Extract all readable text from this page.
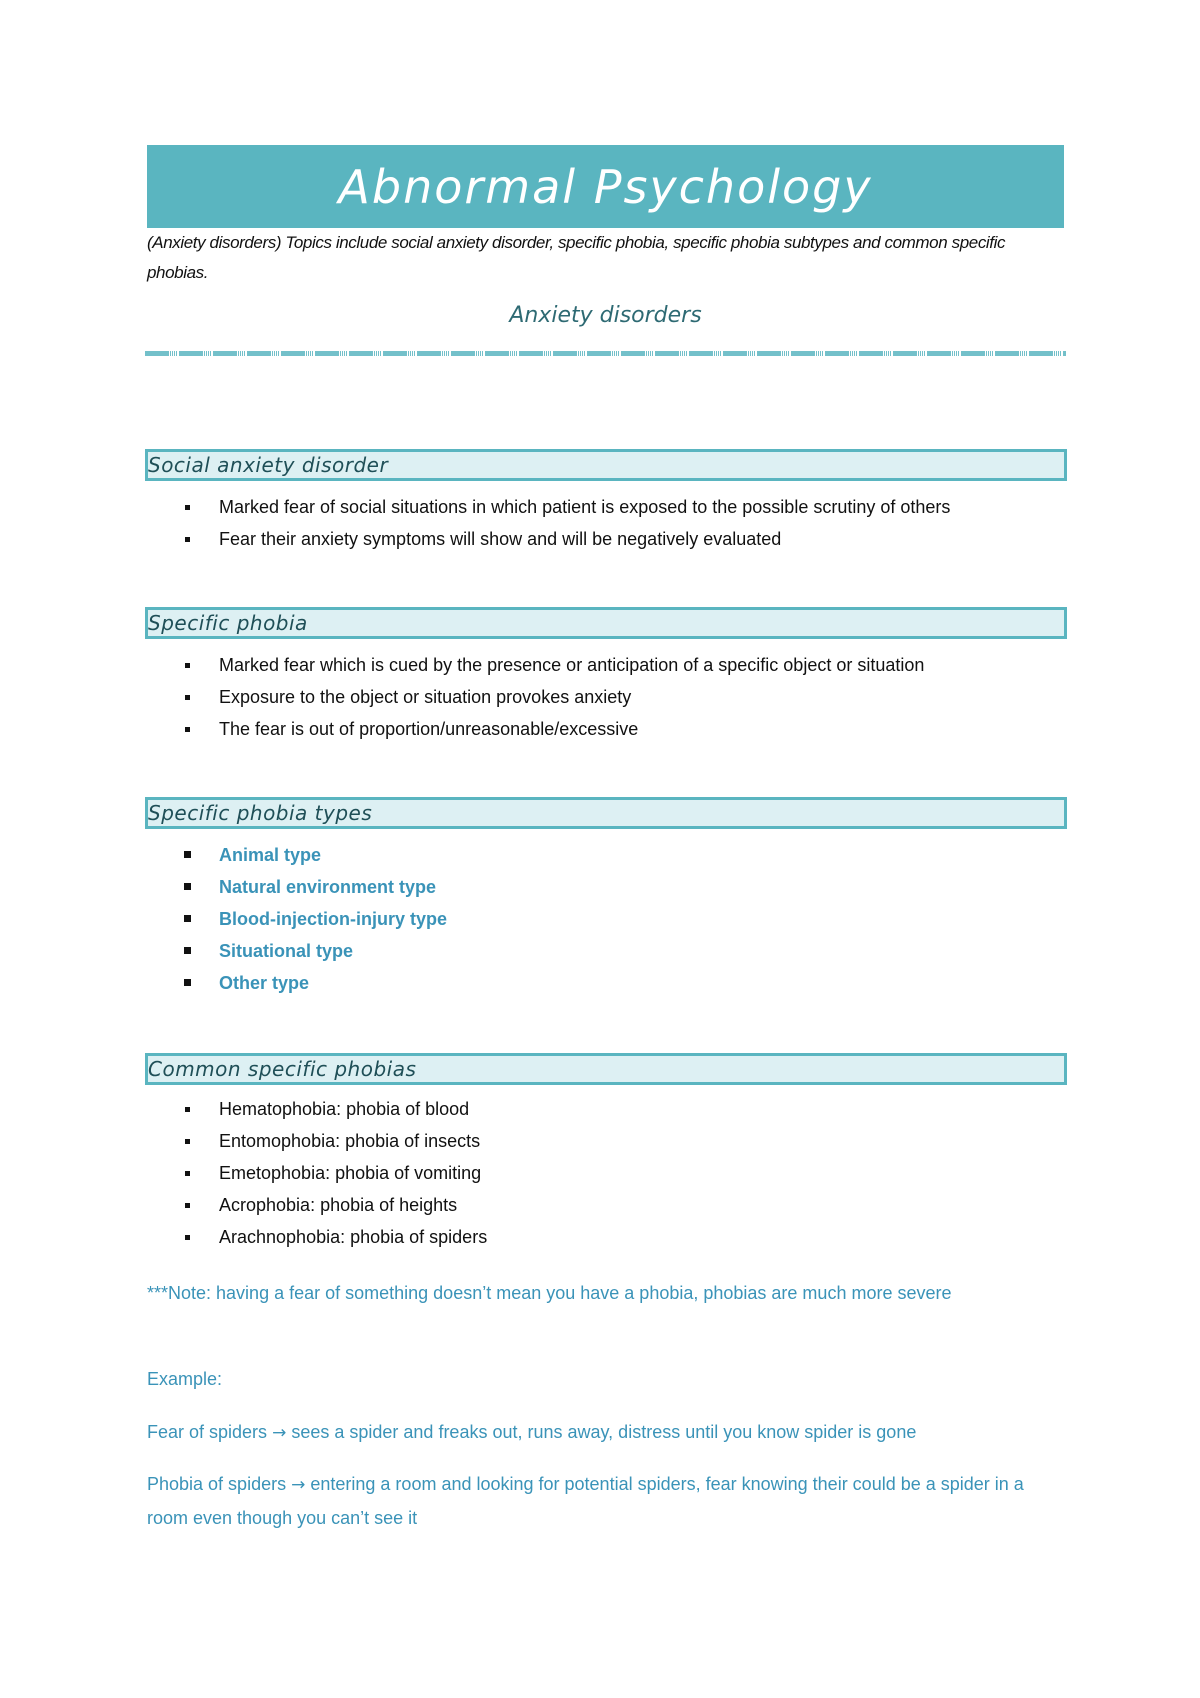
Abnormal Psychology
(Anxiety disorders) Topics include social anxiety disorder, specific phobia, specific phobia subtypes and common specific phobias.
Anxiety disorders
Social anxiety disorder
Marked fear of social situations in which patient is exposed to the possible scrutiny of others
Fear their anxiety symptoms will show and will be negatively evaluated
Specific phobia
Marked fear which is cued by the presence or anticipation of a specific object or situation
Exposure to the object or situation provokes anxiety
The fear is out of proportion/unreasonable/excessive
Specific phobia types
Animal type
Natural environment type
Blood-injection-injury type
Situational type
Other type
Common specific phobias
Hematophobia: phobia of blood
Entomophobia: phobia of insects
Emetophobia: phobia of vomiting
Acrophobia: phobia of heights
Arachnophobia: phobia of spiders
***Note: having a fear of something doesn’t mean you have a phobia, phobias are much more severe
Example:
Fear of spiders → sees a spider and freaks out, runs away, distress until you know spider is gone
Phobia of spiders → entering a room and looking for potential spiders, fear knowing their could be a spider in a room even though you can’t see it
